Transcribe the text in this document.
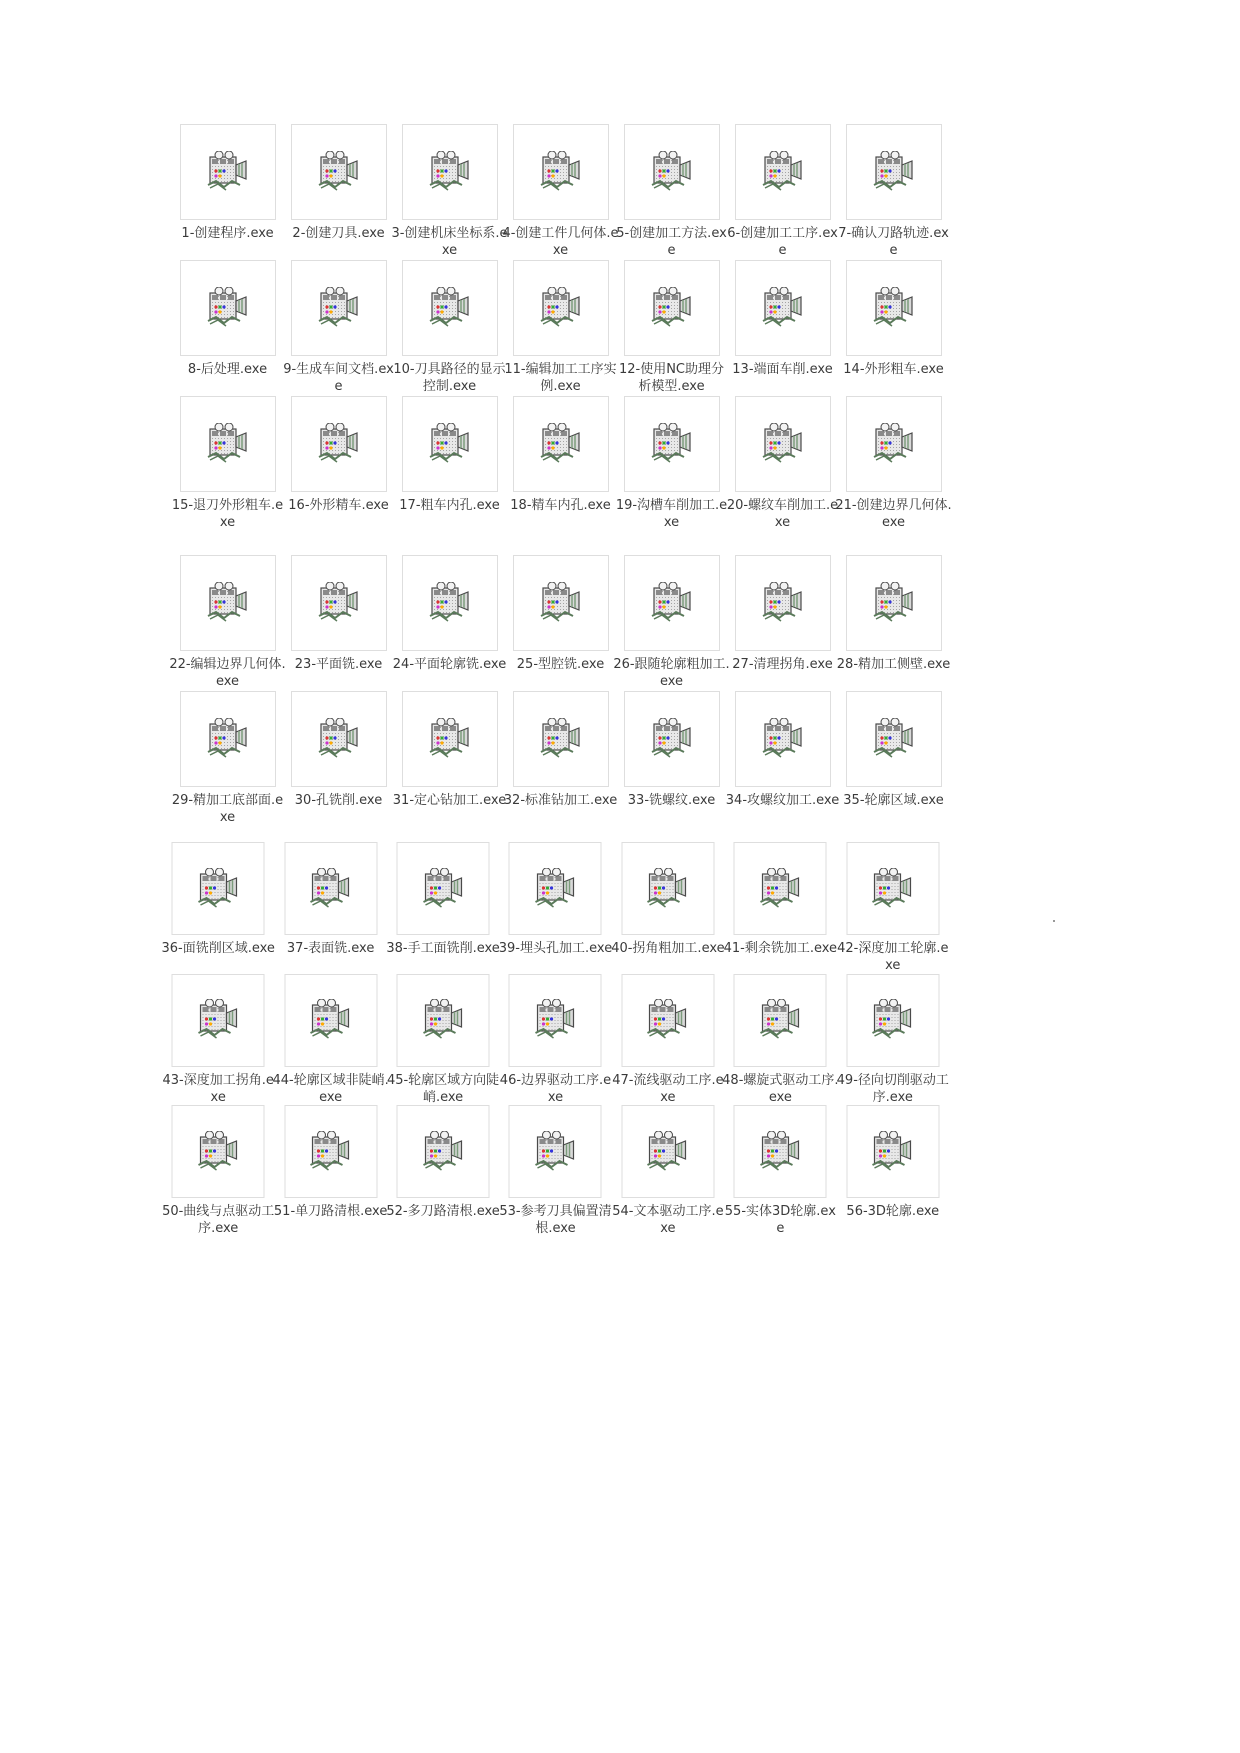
1-创建程序.exe	2-创建刀具.exe 3-创建机床坐标系.exe
4-创建工件几何体.exe
5-创建加工方法.exe
6-创建加工工序.exe
7-确认刀路轨迹.exe
8-后处理.exe	9-生成车间文档.exe
10-刀具路径的显示控制.exe
11-编辑加工工序实例.exe
12-使用NC助理分析模型.exe
13-端面车削.exe 14-外形粗车.exe
15-退刀外形粗车.exe
16-外形精车.exe 17-粗车内孔.exe 18-精车内孔.exe 19-沟槽车削加工.exe
20-螺纹车削加工.exe
21-创建边界几何体.exe
22-编辑边界几何体.exe
23-平面铣.exe 24-平面轮廓铣.exe 25-型腔铣.exe 26-跟随轮廓粗加工.exe
27-清理拐角.exe 28-精加工侧壁.exe
29-精加工底部面.exe
30-孔铣削.exe 31-定心钻加工.exe
32-标准钻加工.exe 33-铣螺纹.exe 34-攻螺纹加工.exe 35-轮廓区域.exe
36-面铣削区域.exe 37-表面铣.exe 38-手工面铣削.exe
39-埋头孔加工.exe 40-拐角粗加工.exe
41-剩余铣加工.exe 42-深度加工轮廓.exe
43-深度加工拐角.exe
44-轮廓区域非陡峭.exe
45-轮廓区域方向陡峭.exe
46-边界驱动工序.exe
47-流线驱动工序.exe
48-螺旋式驱动工序.exe
49-径向切削驱动工序.exe
50-曲线与点驱动工序.exe
51-单刀路清根.exe 52-多刀路清根.exe 53-参考刀具偏置清根.exe
54-文本驱动工序.exe
55-实体3D轮廓.exe
56-3D轮廓.exe
